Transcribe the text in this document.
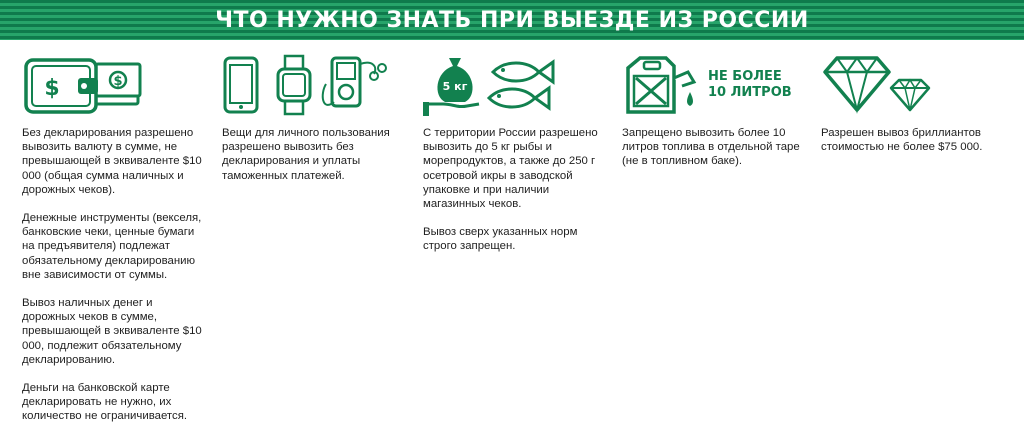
ЧТО НУЖНО ЗНАТЬ ПРИ ВЫЕЗДЕ ИЗ РОССИИ
$
$

Без декларирования разрешено вывозить валюту в сумме, не превышающей в эквиваленте $10 000 (общая сумма наличных и дорожных чеков).

Денежные инструменты (векселя, банковские чеки, ценные бумаги на предъявителя) подлежат обязательному декларированию вне зависимости от суммы.

Вывоз наличных денег и дорожных чеков в сумме, превышающей в эквиваленте $10 000, подлежит обязательному декларированию.

Деньги на банковской карте декларировать не нужно, их количество не ограничивается.

Вещи для личного пользования разрешено вывозить без декларирования и уплаты таможенных платежей.

5 кг

С территории России разрешено вывозить до 5 кг рыбы и морепродуктов, а также до 250 г осетровой икры в заводской упаковке и при наличии магазинных чеков.

Вывоз сверх указанных норм строго запрещен.

НЕ БОЛЕЕ
10 ЛИТРОВ

Запрещено вывозить более 10 литров топлива в отдельной таре (не в топливном баке).

Разрешен вывоз бриллиантов стоимостью не более $75 000.
